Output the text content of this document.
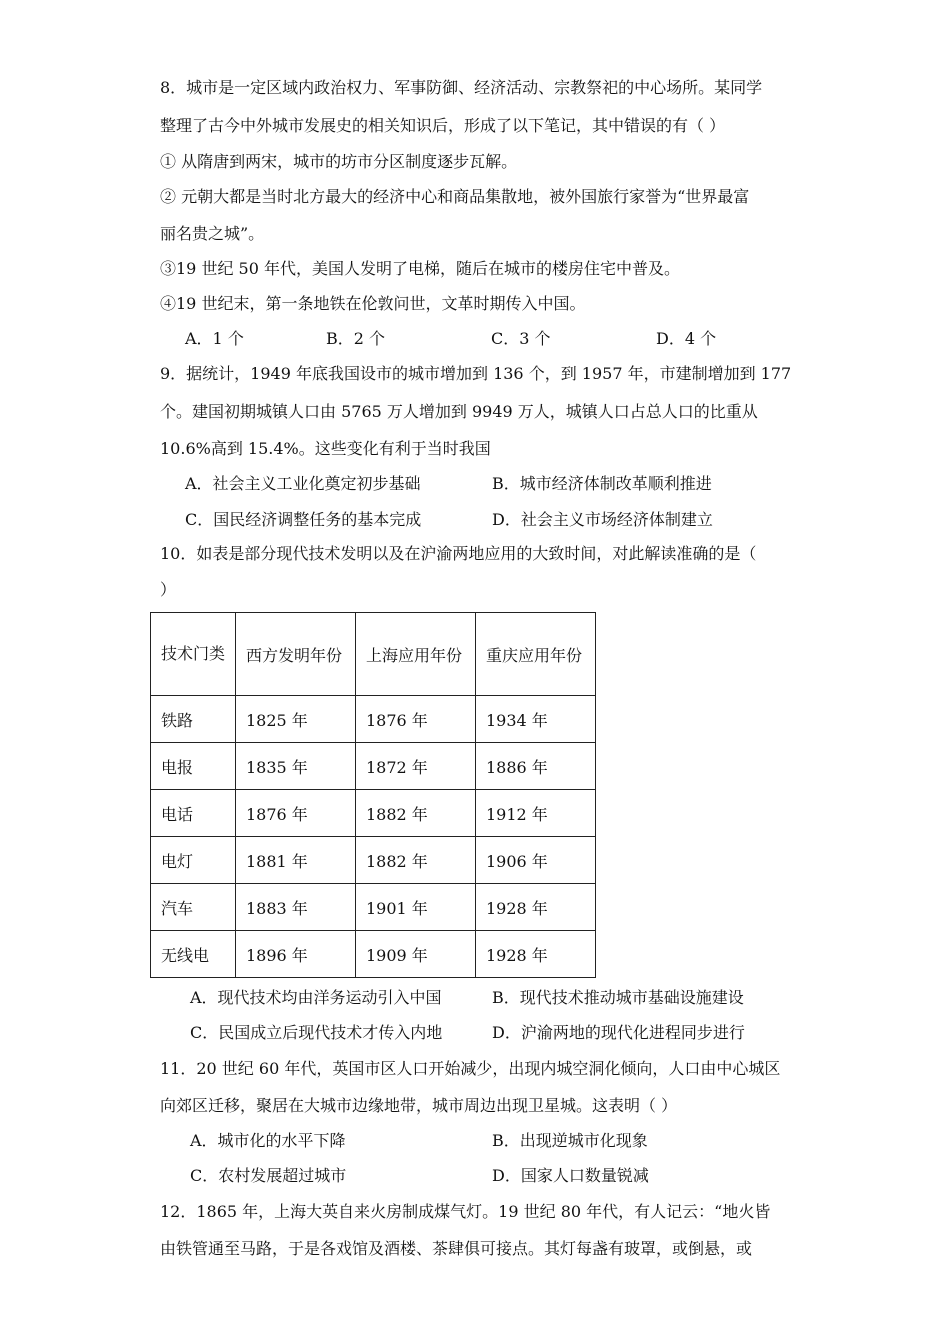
8．城市是一定区域内政治权力、军事防御、经济活动、宗教祭祀的中心场所。某同学
整理了古今中外城市发展史的相关知识后，形成了以下笔记，其中错误的有（ ）
① 从隋唐到两宋，城市的坊市分区制度逐步瓦解。
② 元朝大都是当时北方最大的经济中心和商品集散地，被外国旅行家誉为“世界最富
丽名贵之城”。
③19 世纪 50 年代，美国人发明了电梯，随后在城市的楼房住宅中普及。
④19 世纪末，第一条地铁在伦敦问世，文革时期传入中国。
A．1 个	B．2 个	C．3 个	D．4 个
9．据统计，1949 年底我国设市的城市增加到 136 个，到 1957 年，市建制增加到 177
个。建国初期城镇人口由 5765 万人增加到 9949 万人，城镇人口占总人口的比重从
10.6%高到 15.4%。这些变化有利于当时我国
A．社会主义工业化奠定初步基础	B．城市经济体制改革顺利推进
C．国民经济调整任务的基本完成	D．社会主义市场经济体制建立
10．如表是部分现代技术发明以及在沪渝两地应用的大致时间，对此解读准确的是（
）
技术门类	西方发明年份	上海应用年份	重庆应用年份
铁路	1825 年	1876 年	1934 年
电报	1835 年	1872 年	1886 年
电话	1876 年	1882 年	1912 年
电灯	1881 年	1882 年	1906 年
汽车	1883 年	1901 年	1928 年
无线电	1896 年	1909 年	1928 年
A．现代技术均由洋务运动引入中国	B．现代技术推动城市基础设施建设
C．民国成立后现代技术才传入内地	D．沪渝两地的现代化进程同步进行
11．20 世纪 60 年代，英国市区人口开始减少，出现内城空洞化倾向，人口由中心城区
向郊区迁移，聚居在大城市边缘地带，城市周边出现卫星城。这表明（ ）
A．城市化的水平下降	B．出现逆城市化现象
C．农村发展超过城市	D．国家人口数量锐减
12．1865 年，上海大英自来火房制成煤气灯。19 世纪 80 年代，有人记云：“地火皆
由铁管通至马路，于是各戏馆及酒楼、茶肆俱可接点。其灯每盏有玻罩，或倒悬，或
